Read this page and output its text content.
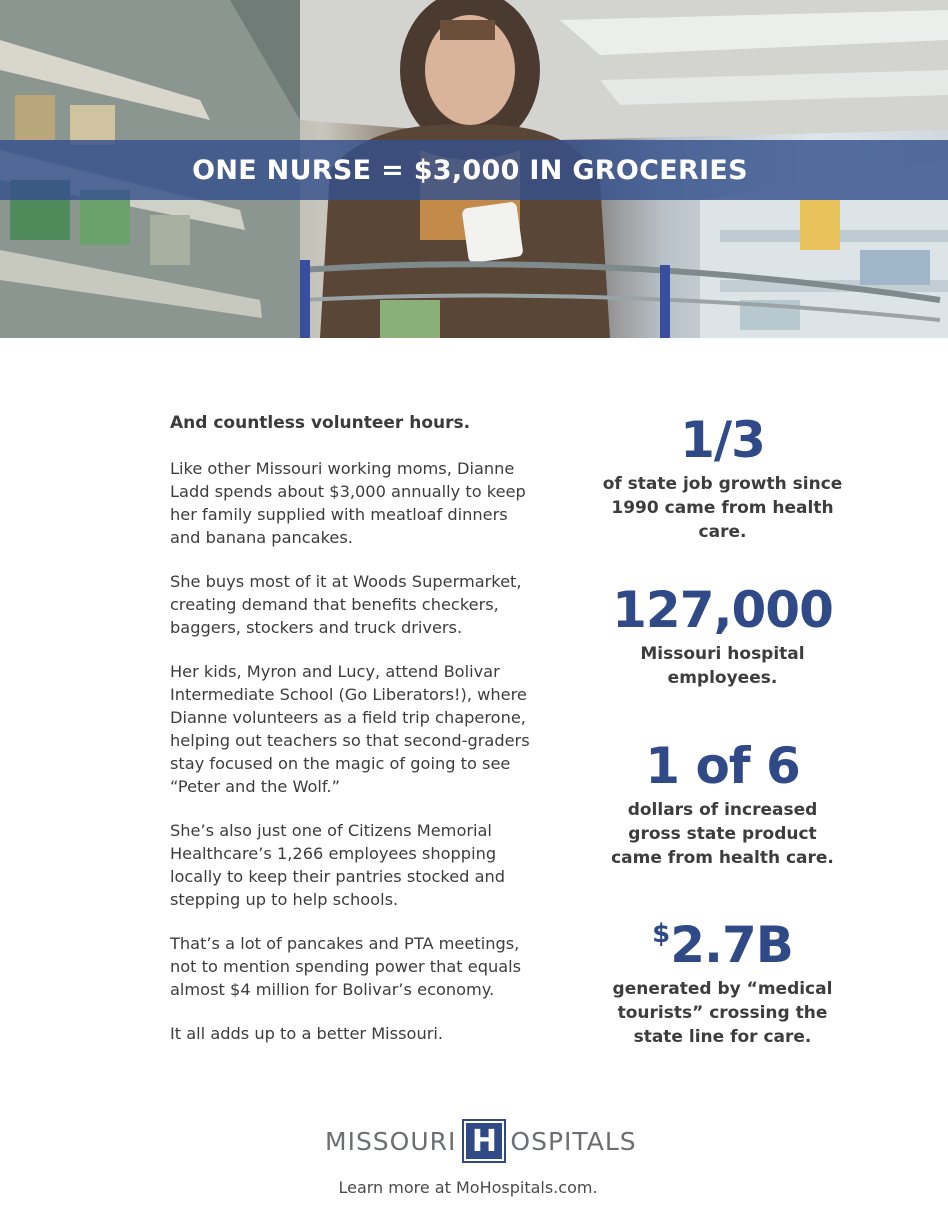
ONE NURSE = $3,000 IN GROCERIES

And countless volunteer hours.

Like other Missouri working moms, Dianne Ladd spends about $3,000 annually to keep her family supplied with meatloaf dinners and banana pancakes.

She buys most of it at Woods Supermarket, creating demand that benefits checkers, baggers, stockers and truck drivers.

Her kids, Myron and Lucy, attend Bolivar Intermediate School (Go Liberators!), where Dianne volunteers as a field trip chaperone, helping out teachers so that second-graders stay focused on the magic of going to see “Peter and the Wolf.”

She’s also just one of Citizens Memorial Healthcare’s 1,266 employees shopping locally to keep their pantries stocked and stepping up to help schools.

That’s a lot of pancakes and PTA meetings, not to mention spending power that equals almost $4 million for Bolivar’s economy.

It all adds up to a better Missouri.

1/3
of state job growth since 1990 came from health care.
127,000
Missouri hospital employees.
1 of 6
dollars of increased gross state product came from health care.
$2.7B
generated by “medical tourists” crossing the state line for care.
MISSOURI H OSPITALS
Learn more at MoHospitals.com.
